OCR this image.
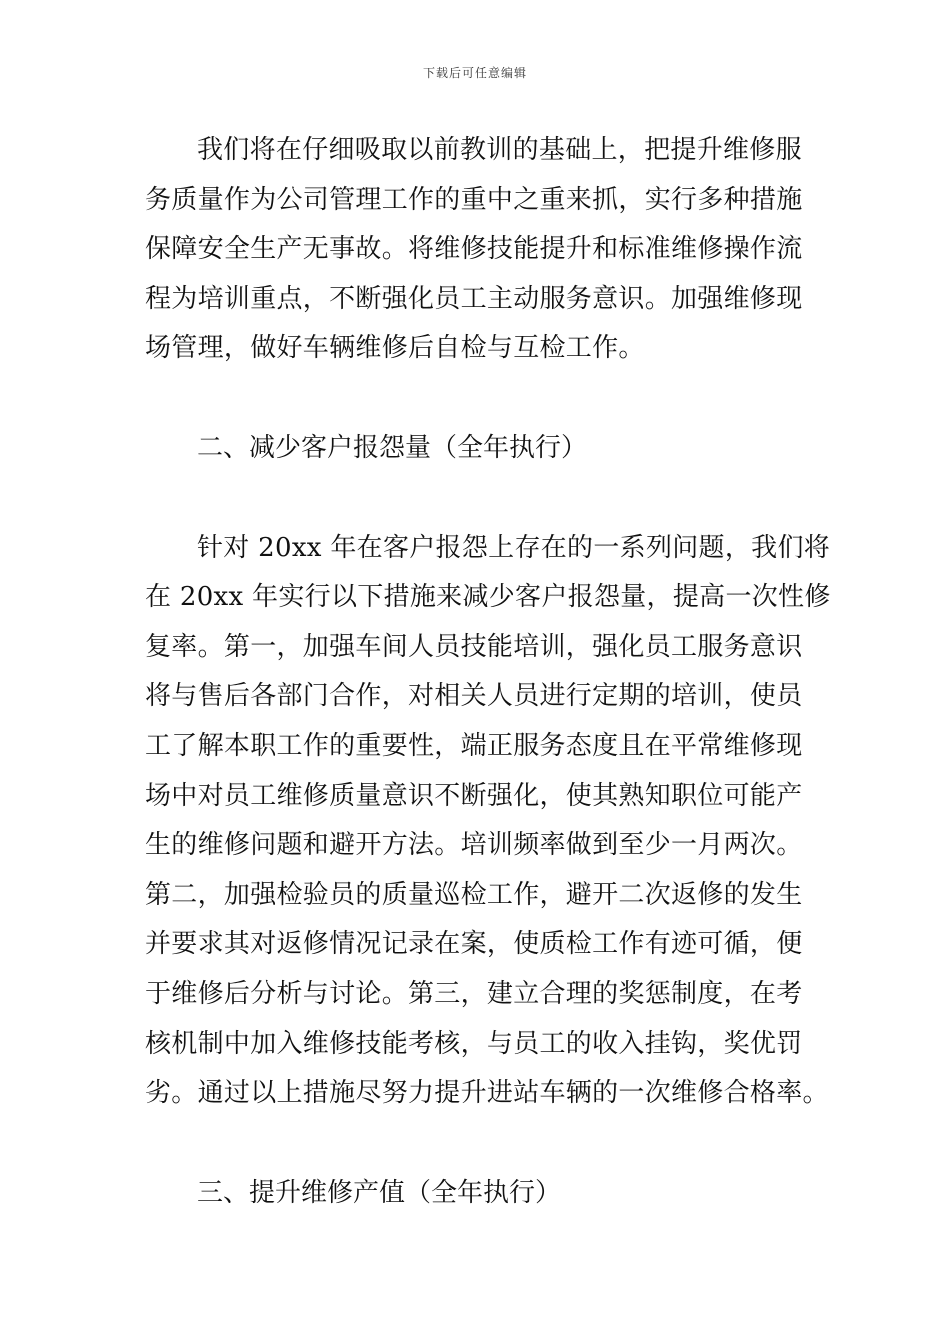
下载后可任意编辑
我们将在仔细吸取以前教训的基础上，把提升维修服
务质量作为公司管理工作的重中之重来抓，实行多种措施
保障安全生产无事故。将维修技能提升和标准维修操作流
程为培训重点，不断强化员工主动服务意识。加强维修现
场管理，做好车辆维修后自检与互检工作。
二、减少客户报怨量（全年执行）
针对 20xx 年在客户报怨上存在的一系列问题，我们将
在 20xx 年实行以下措施来减少客户报怨量，提高一次性修
复率。第一，加强车间人员技能培训，强化员工服务意识
将与售后各部门合作，对相关人员进行定期的培训，使员
工了解本职工作的重要性，端正服务态度且在平常维修现
场中对员工维修质量意识不断强化，使其熟知职位可能产
生的维修问题和避开方法。培训频率做到至少一月两次。
第二，加强检验员的质量巡检工作，避开二次返修的发生
并要求其对返修情况记录在案，使质检工作有迹可循，便
于维修后分析与讨论。第三，建立合理的奖惩制度，在考
核机制中加入维修技能考核，与员工的收入挂钩，奖优罚
劣。通过以上措施尽努力提升进站车辆的一次维修合格率。
三、提升维修产值（全年执行）
